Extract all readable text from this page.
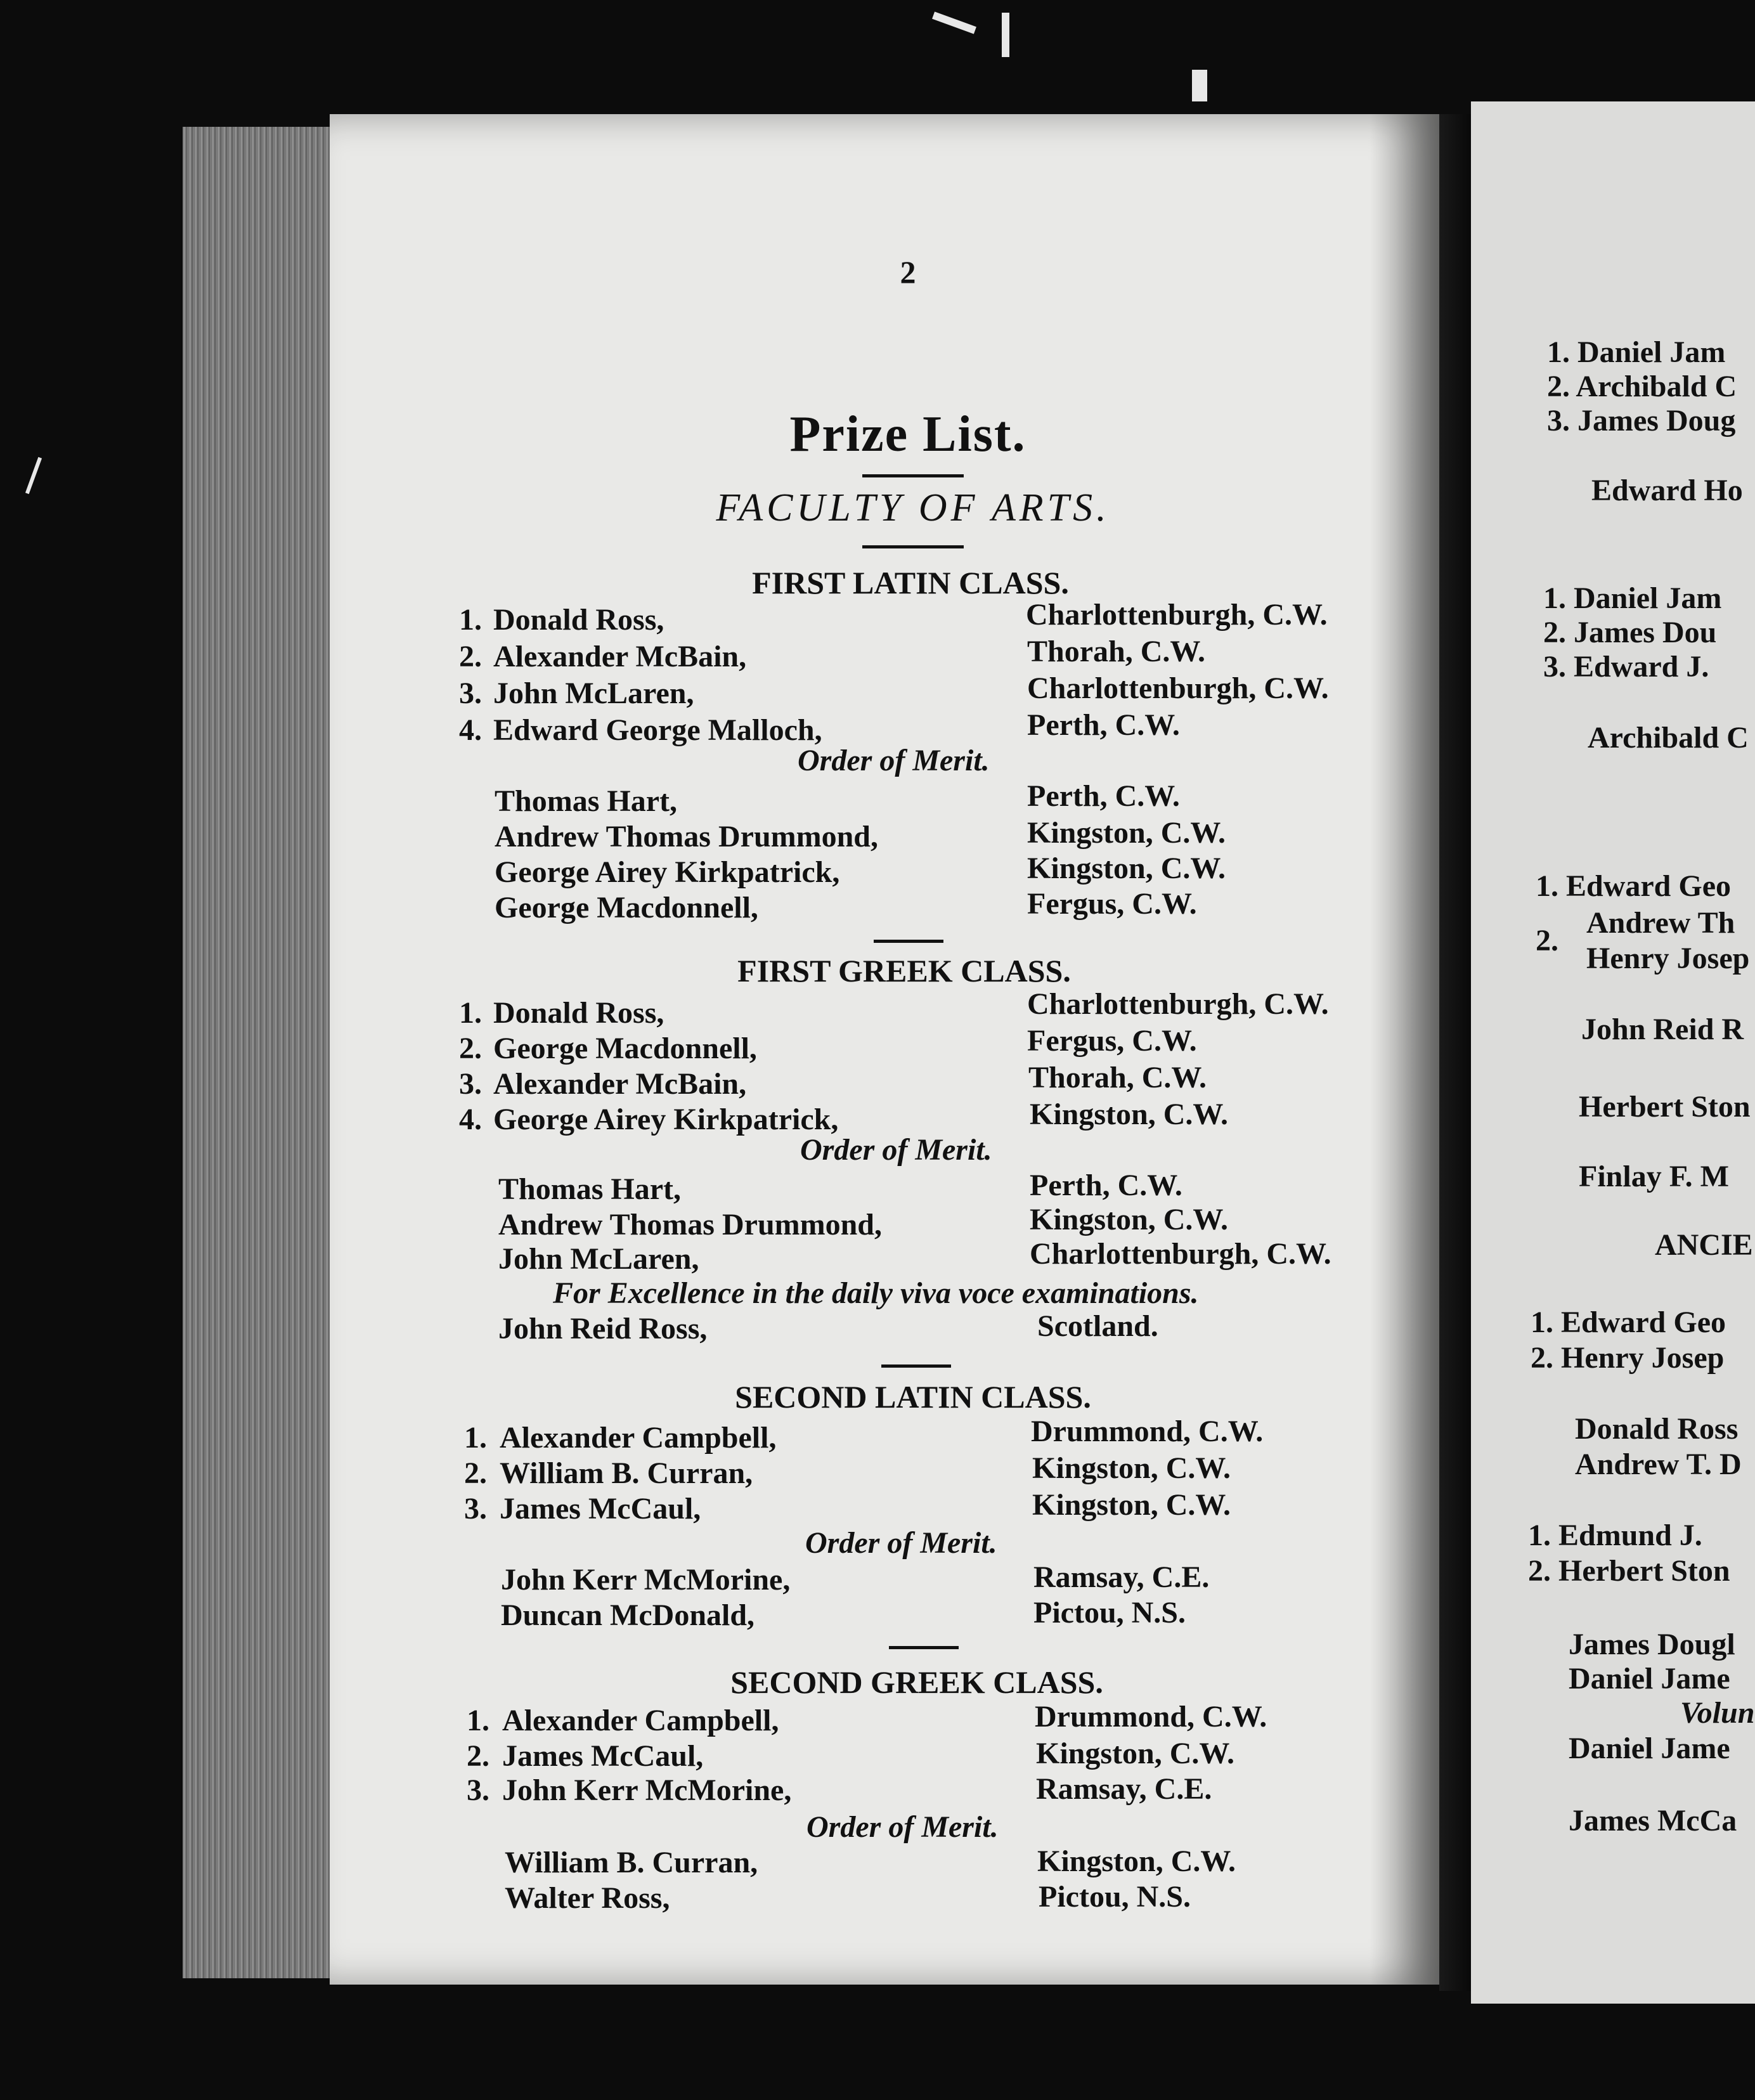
2
Prize List.
FACULTY OF ARTS.
FIRST LATIN CLASS.
1. Donald Ross,	Charlottenburgh, C.W.
2. Alexander McBain,	Thorah, C.W.
3. John McLaren,	Charlottenburgh, C.W.
4. Edward George Malloch,	Perth, C.W.
Order of Merit.
Thomas Hart,	Perth, C.W.
Andrew Thomas Drummond,	Kingston, C.W.
George Airey Kirkpatrick,	Kingston, C.W.
George Macdonnell,	Fergus, C.W.
FIRST GREEK CLASS.
1. Donald Ross,	Charlottenburgh, C.W.
2. George Macdonnell,	Fergus, C.W.
3. Alexander McBain,	Thorah, C.W.
4. George Airey Kirkpatrick,	Kingston, C.W.
Order of Merit.
Thomas Hart,	Perth, C.W.
Andrew Thomas Drummond,	Kingston, C.W.
John McLaren,	Charlottenburgh, C.W.
For Excellence in the daily viva voce examinations.
John Reid Ross,	Scotland.
SECOND LATIN CLASS.
1. Alexander Campbell,	Drummond, C.W.
2. William B. Curran,	Kingston, C.W.
3. James McCaul,	Kingston, C.W.
Order of Merit.
John Kerr McMorine,	Ramsay, C.E.
Duncan McDonald,	Pictou, N.S.
SECOND GREEK CLASS.
1. Alexander Campbell,	Drummond, C.W.
2. James McCaul,	Kingston, C.W.
3. John Kerr McMorine,	Ramsay, C.E.
Order of Merit.
William B. Curran,	Kingston, C.W.
Walter Ross,	Pictou, N.S.
1. Daniel Jam
2. Archibald C
3. James Doug
Edward Ho
1. Daniel Jam
2. James Dou
3. Edward J.
Archibald C
1. Edward Geo
Andrew Th
2.
Henry Josep
John Reid R
Herbert Ston
Finlay F. M
ANCIE
1. Edward Geo
2. Henry Josep
Donald Ross
Andrew T. D
1. Edmund J.
2. Herbert Ston
James Dougl
Daniel Jame
Volun
Daniel Jame
James McCa
